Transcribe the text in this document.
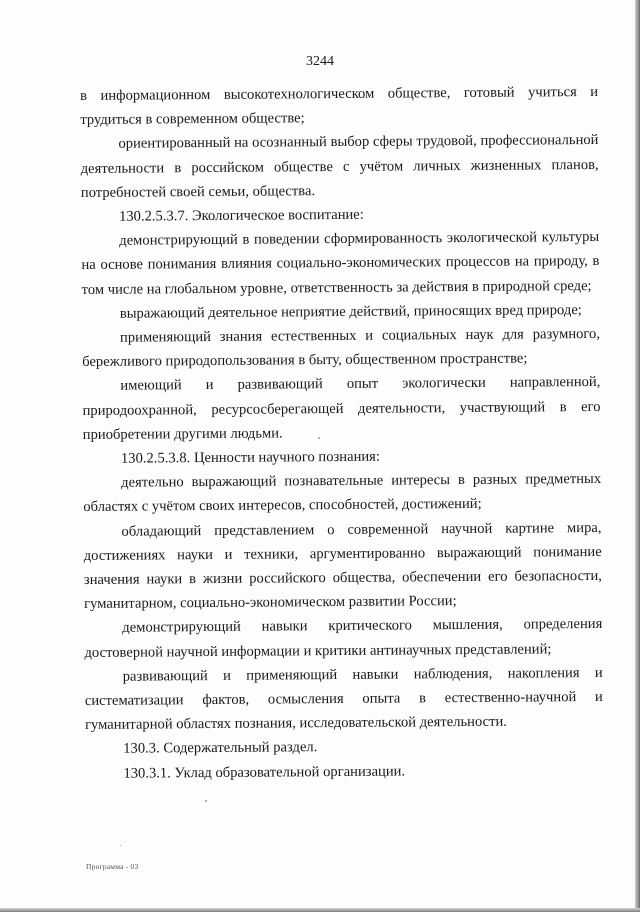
3244

в информационном высокотехнологическом обществе, готовый учиться и трудиться в современном обществе;

ориентированный на осознанный выбор сферы трудовой, профессиональной деятельности в российском обществе с учётом личных жизненных планов, потребностей своей семьи, общества.

130.2.5.3.7. Экологическое воспитание:

демонстрирующий в поведении сформированность экологической культуры на основе понимания влияния социально-экономических процессов на природу, в том числе на глобальном уровне, ответственность за действия в природной среде;

выражающий деятельное неприятие действий, приносящих вред природе;

применяющий знания естественных и социальных наук для разумного, бережливого природопользования в быту, общественном пространстве;

имеющий и развивающий опыт экологически направленной, природоохранной, ресурсосберегающей деятельности, участвующий в его приобретении другими людьми.

130.2.5.3.8. Ценности научного познания:

деятельно выражающий познавательные интересы в разных предметных областях с учётом своих интересов, способностей, достижений;

обладающий представлением о современной научной картине мира, достижениях науки и техники, аргументированно выражающий понимание значения науки в жизни российского общества, обеспечении его безопасности, гуманитарном, социально-экономическом развитии России;

демонстрирующий навыки критического мышления, определения достоверной научной информации и критики антинаучных представлений;

развивающий и применяющий навыки наблюдения, накопления и систематизации фактов, осмысления опыта в естественно-научной и гуманитарной областях познания, исследовательской деятельности.

130.3. Содержательный раздел.

130.3.1. Уклад образовательной организации.

Программа - 03
